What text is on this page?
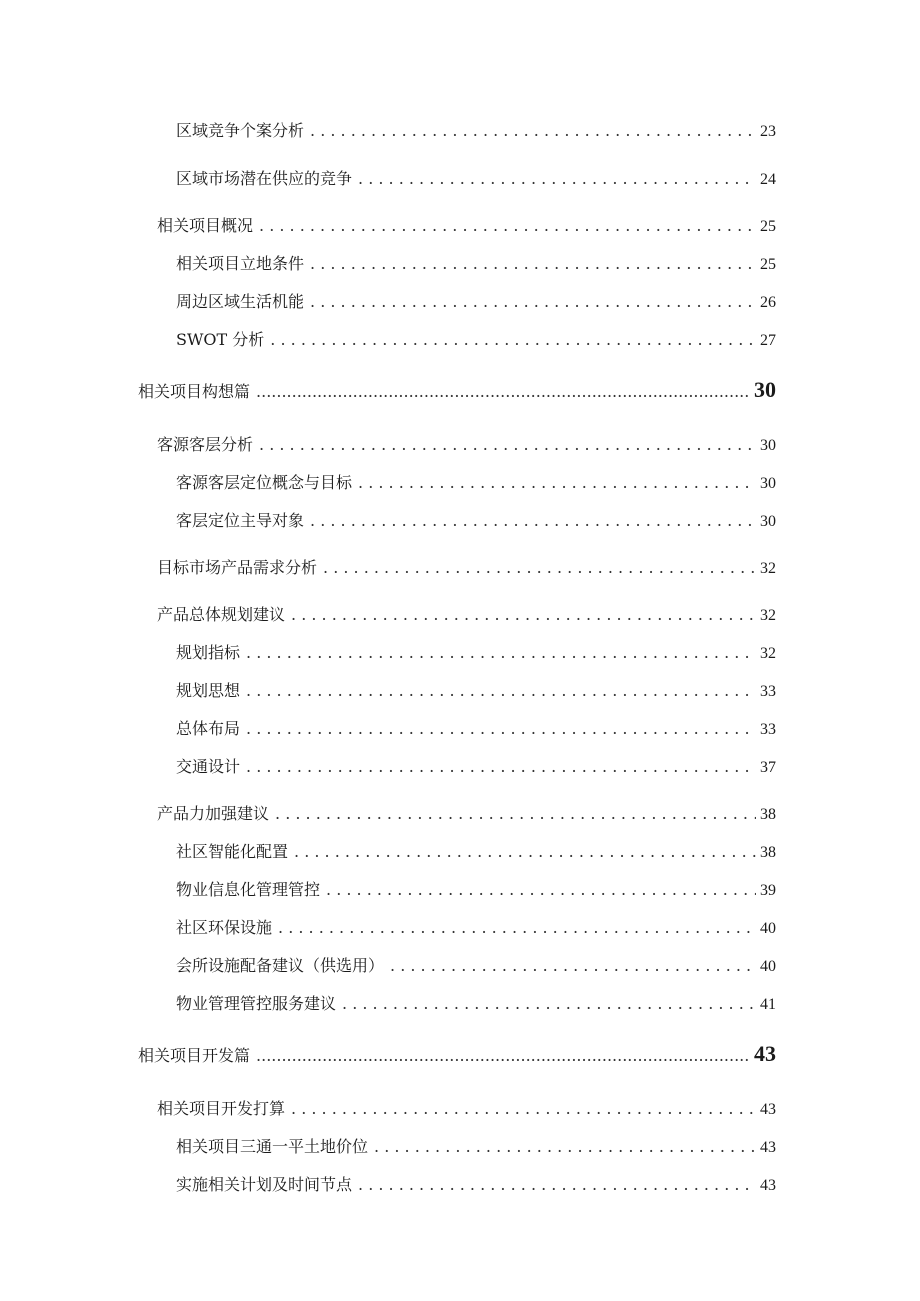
区域竞争个案分析 . . .	23
区域市场潜在供应的竞争 . . .	24
相关项目概况 . . .	25
相关项目立地条件 . . .	25
周边区域生活机能 . . .	26
SWOT 分析 . . .	27
相关项目构想篇 .....	30
客源客层分析 . . .	30
客源客层定位概念与目标 . . .	30
客层定位主导对象 . . .	30
目标市场产品需求分析 . . .	32
产品总体规划建议 . . .	32
规划指标 . . .	32
规划思想 . . .	33
总体布局 . . .	33
交通设计 . . .	37
产品力加强建议 . . .	38
社区智能化配置 . . .	38
物业信息化管理管控 . . .	39
社区环保设施 . . .	40
会所设施配备建议（供选用） . . .	40
物业管理管控服务建议 . . .	41
相关项目开发篇 .....	43
相关项目开发打算 . . .	43
相关项目三通一平土地价位 . . .	43
实施相关计划及时间节点 . . .	43
